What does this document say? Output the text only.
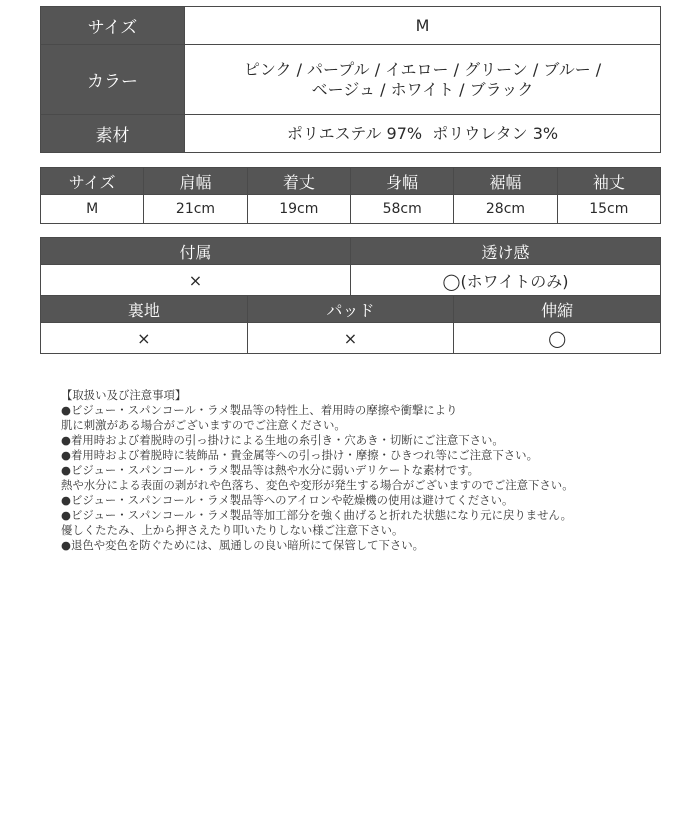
サイズ	M
カラー	ピンク / パープル / イエロー / グリーン / ブルー /
ベージュ / ホワイト / ブラック

素材	ポリエステル 97%  ポリウレタン 3%
サイズ	肩幅	着丈	身幅	裾幅	袖丈
M	21cm	19cm	58cm	28cm	15cm
付属	透け感
×	◯(ホワイトのみ)
裏地	パッド	伸縮
×	×	◯
【取扱い及び注意事項】
●ビジュー・スパンコール・ラメ製品等の特性上、着用時の摩擦や衝撃により
肌に刺激がある場合がございますのでご注意ください。
●着用時および着脱時の引っ掛けによる生地の糸引き・穴あき・切断にご注意下さい。
●着用時および着脱時に装飾品・貴金属等への引っ掛け・摩擦・ひきつれ等にご注意下さい。
●ビジュー・スパンコール・ラメ製品等は熱や水分に弱いデリケートな素材です。
熱や水分による表面の剥がれや色落ち、変色や変形が発生する場合がございますのでご注意下さい。
●ビジュー・スパンコール・ラメ製品等へのアイロンや乾燥機の使用は避けてください。
●ビジュー・スパンコール・ラメ製品等加工部分を強く曲げると折れた状態になり元に戻りません。
優しくたたみ、上から押さえたり叩いたりしない様ご注意下さい。
●退色や変色を防ぐためには、風通しの良い暗所にて保管して下さい。
